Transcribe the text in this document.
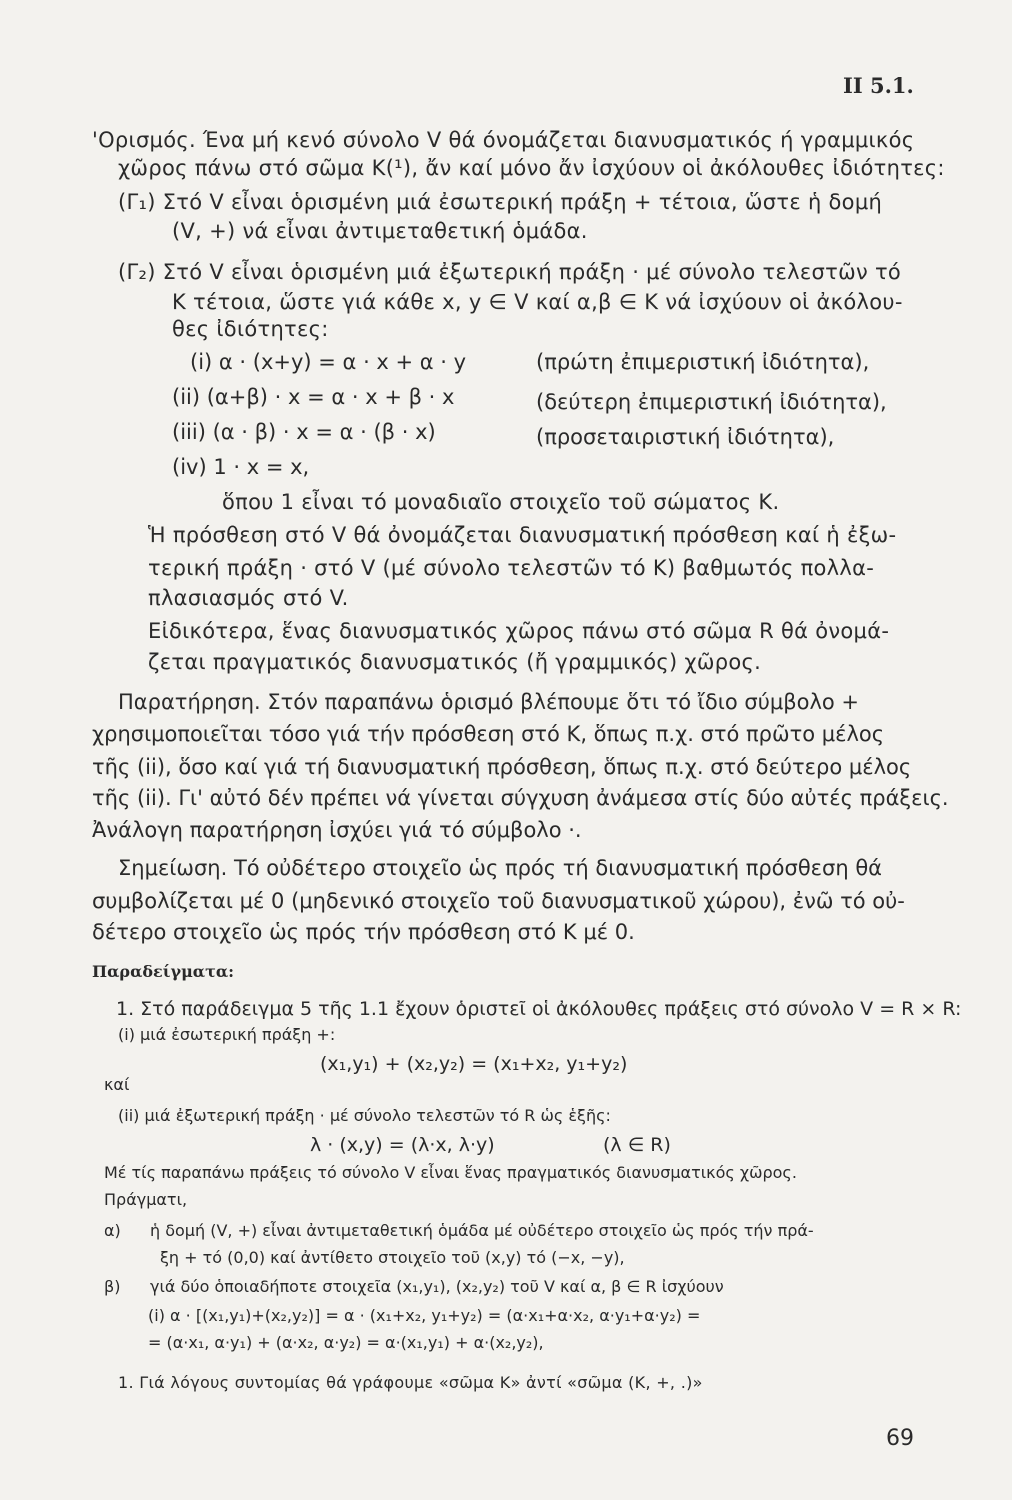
II 5.1.
'Ορισμός. Ένα μή κενό σύνολο V θά όνομάζεται διανυσματικός ή γραμμικός
χῶρος πάνω στό σῶμα Κ(¹), ἄν καί μόνο ἄν ἰσχύουν οἱ ἀκόλουθες ἰδιότητες:
(Γ₁) Στό V εἶναι ὁρισμένη μιά ἐσωτερική πράξη + τέτοια, ὥστε ἡ δομή
(V, +) νά εἶναι ἀντιμεταθετική ὁμάδα.
(Γ₂) Στό V εἶναι ὁρισμένη μιά ἐξωτερική πράξη · μέ σύνολο τελεστῶν τό
Κ τέτοια, ὥστε γιά κάθε x, y ∈ V καί α,β ∈ Κ νά ἰσχύουν οἱ ἀκόλου-
θες ἰδιότητες:
(i) α · (x+y) = α · x + α · y	(πρώτη ἐπιμεριστική ἰδιότητα),
(ii) (α+β) · x = α · x + β · x	(δεύτερη ἐπιμεριστική ἰδιότητα),
(iii) (α · β) · x = α · (β · x)	(προσεταιριστική ἰδιότητα),
(iv) 1 · x = x,
ὅπου 1 εἶναι τό μοναδιαῖο στοιχεῖο τοῦ σώματος Κ.
Ἡ πρόσθεση στό V θά ὀνομάζεται διανυσματική πρόσθεση καί ἡ ἐξω-
τερική πράξη · στό V (μέ σύνολο τελεστῶν τό Κ) βαθμωτός πολλα-
πλασιασμός στό V.
Εἰδικότερα, ἕνας διανυσματικός χῶρος πάνω στό σῶμα R θά ὀνομά-
ζεται πραγματικός διανυσματικός (ἤ γραμμικός) χῶρος.
Παρατήρηση. Στόν παραπάνω ὁρισμό βλέπουμε ὅτι τό ἴδιο σύμβολο +
χρησιμοποιεῖται τόσο γιά τήν πρόσθεση στό Κ, ὅπως π.χ. στό πρῶτο μέλος
τῆς (ii), ὅσο καί γιά τή διανυσματική πρόσθεση, ὅπως π.χ. στό δεύτερο μέλος
τῆς (ii). Γι' αὐτό δέν πρέπει νά γίνεται σύγχυση ἀνάμεσα στίς δύο αὐτές πράξεις.
Ἀνάλογη παρατήρηση ἰσχύει γιά τό σύμβολο ·.
Σημείωση. Τό οὐδέτερο στοιχεῖο ὡς πρός τή διανυσματική πρόσθεση θά
συμβολίζεται μέ 0 (μηδενικό στοιχεῖο τοῦ διανυσματικοῦ χώρου), ἐνῶ τό οὐ-
δέτερο στοιχεῖο ὡς πρός τήν πρόσθεση στό Κ μέ 0.
Παραδείγματα:
1. Στό παράδειγμα 5 τῆς 1.1 ἔχουν ὁριστεῖ οἱ ἀκόλουθες πράξεις στό σύνολο V = R × R:
(i) μιά ἐσωτερική πράξη +:
(x₁,y₁) + (x₂,y₂) = (x₁+x₂, y₁+y₂)
καί
(ii) μιά ἐξωτερική πράξη · μέ σύνολο τελεστῶν τό R ὡς ἑξῆς:
λ · (x,y) = (λ·x, λ·y)	(λ ∈ R)
Μέ τίς παραπάνω πράξεις τό σύνολο V εἶναι ἕνας πραγματικός διανυσματικός χῶρος.
Πράγματι,
α) ἡ δομή (V, +) εἶναι ἀντιμεταθετική ὁμάδα μέ οὐδέτερο στοιχεῖο ὡς πρός τήν πρά-
ξη + τό (0,0) καί ἀντίθετο στοιχεῖο τοῦ (x,y) τό (−x, −y),
β) γιά δύο ὁποιαδήποτε στοιχεῖα (x₁,y₁), (x₂,y₂) τοῦ V καί α, β ∈ R ἰσχύουν
(i) α · [(x₁,y₁)+(x₂,y₂)] = α · (x₁+x₂, y₁+y₂) = (α·x₁+α·x₂, α·y₁+α·y₂) =
= (α·x₁, α·y₁) + (α·x₂, α·y₂) = α·(x₁,y₁) + α·(x₂,y₂),
1. Γιά λόγους συντομίας θά γράφουμε «σῶμα Κ» ἀντί «σῶμα (Κ, +, .)»
69
